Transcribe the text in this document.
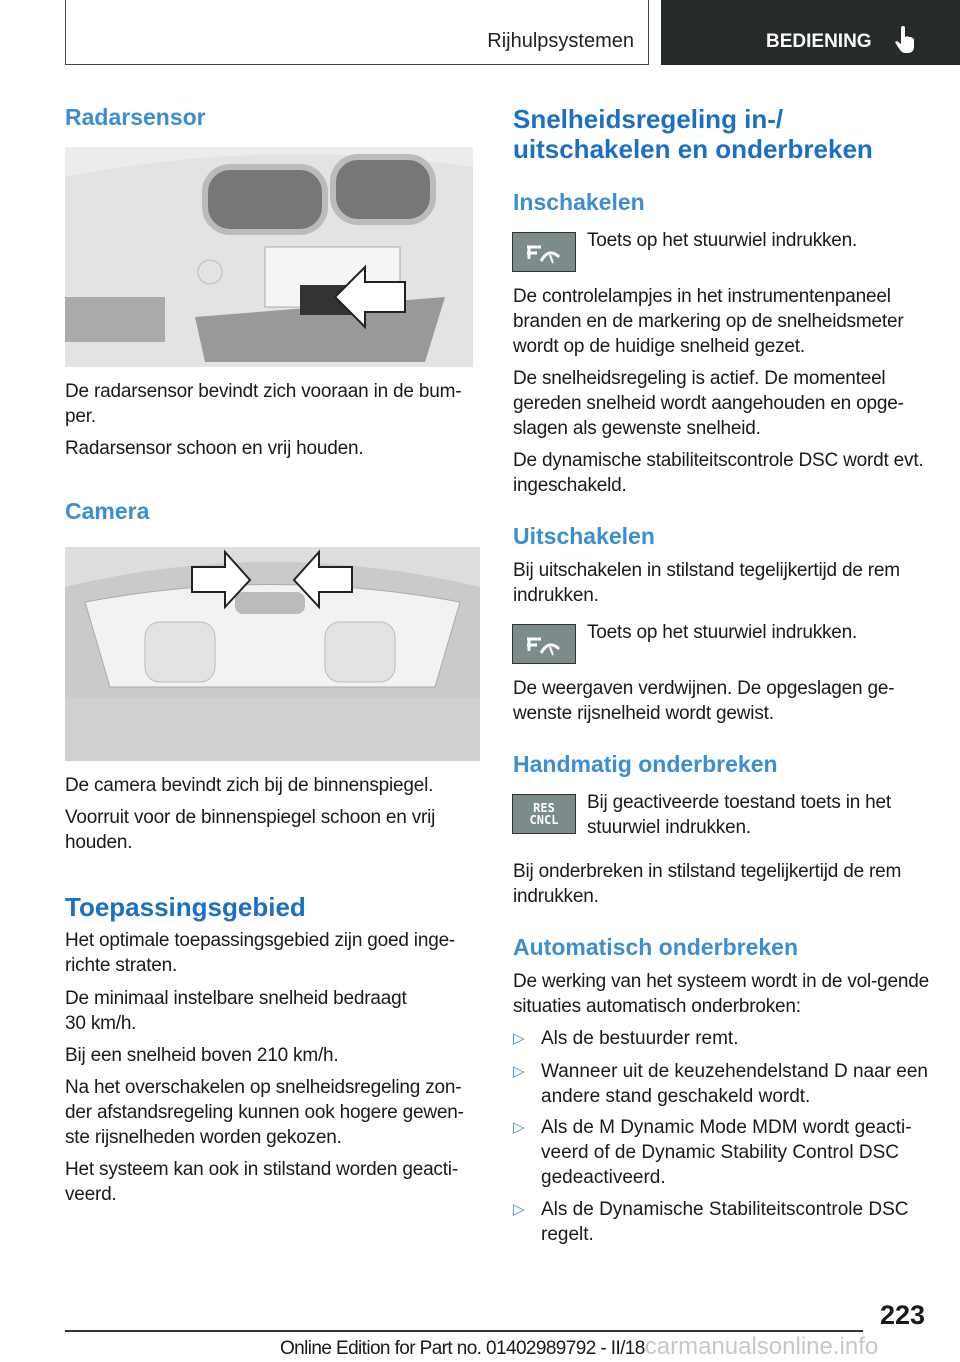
Rijhulpsystemen	BEDIENING
Radarsensor

De radarsensor bevindt zich vooraan in de bum-per.

Radarsensor schoon en vrij houden.

Camera

De camera bevindt zich bij de binnenspiegel.

Voorruit voor de binnenspiegel schoon en vrij houden.

Toepassingsgebied

Het optimale toepassingsgebied zijn goed inge-richte straten.

De minimaal instelbare snelheid bedraagt 30 km/h.

Bij een snelheid boven 210 km/h.

Na het overschakelen op snelheidsregeling zon-der afstandsregeling kunnen ook hogere gewen-ste rijsnelheden worden gekozen.

Het systeem kan ook in stilstand worden geacti-veerd.

Snelheidsregeling in-/ uitschakelen en onderbreken
Inschakelen

Toets op het stuurwiel indrukken.

De controlelampjes in het instrumentenpaneel branden en de markering op de snelheidsmeter wordt op de huidige snelheid gezet.

De snelheidsregeling is actief. De momenteel gereden snelheid wordt aangehouden en opge-slagen als gewenste snelheid.

De dynamische stabiliteitscontrole DSC wordt evt. ingeschakeld.

Uitschakelen

Bij uitschakelen in stilstand tegelijkertijd de rem indrukken.

Toets op het stuurwiel indrukken.

De weergaven verdwijnen. De opgeslagen ge-wenste rijsnelheid wordt gewist.

Handmatig onderbreken
RES
CNCL

Bij geactiveerde toestand toets in het stuurwiel indrukken.

Bij onderbreken in stilstand tegelijkertijd de rem indrukken.

Automatisch onderbreken

De werking van het systeem wordt in de vol-gende situaties automatisch onderbroken:

▷ Als de bestuurder remt.
▷ Wanneer uit de keuzehendelstand D naar een andere stand geschakeld wordt.
▷ Als de M Dynamic Mode MDM wordt geacti-veerd of de Dynamic Stability Control DSC gedeactiveerd.
▷ Als de Dynamische Stabiliteitscontrole DSC regelt.
223
Online Edition for Part no. 01402989792 - II/18carmanualsonline.info
